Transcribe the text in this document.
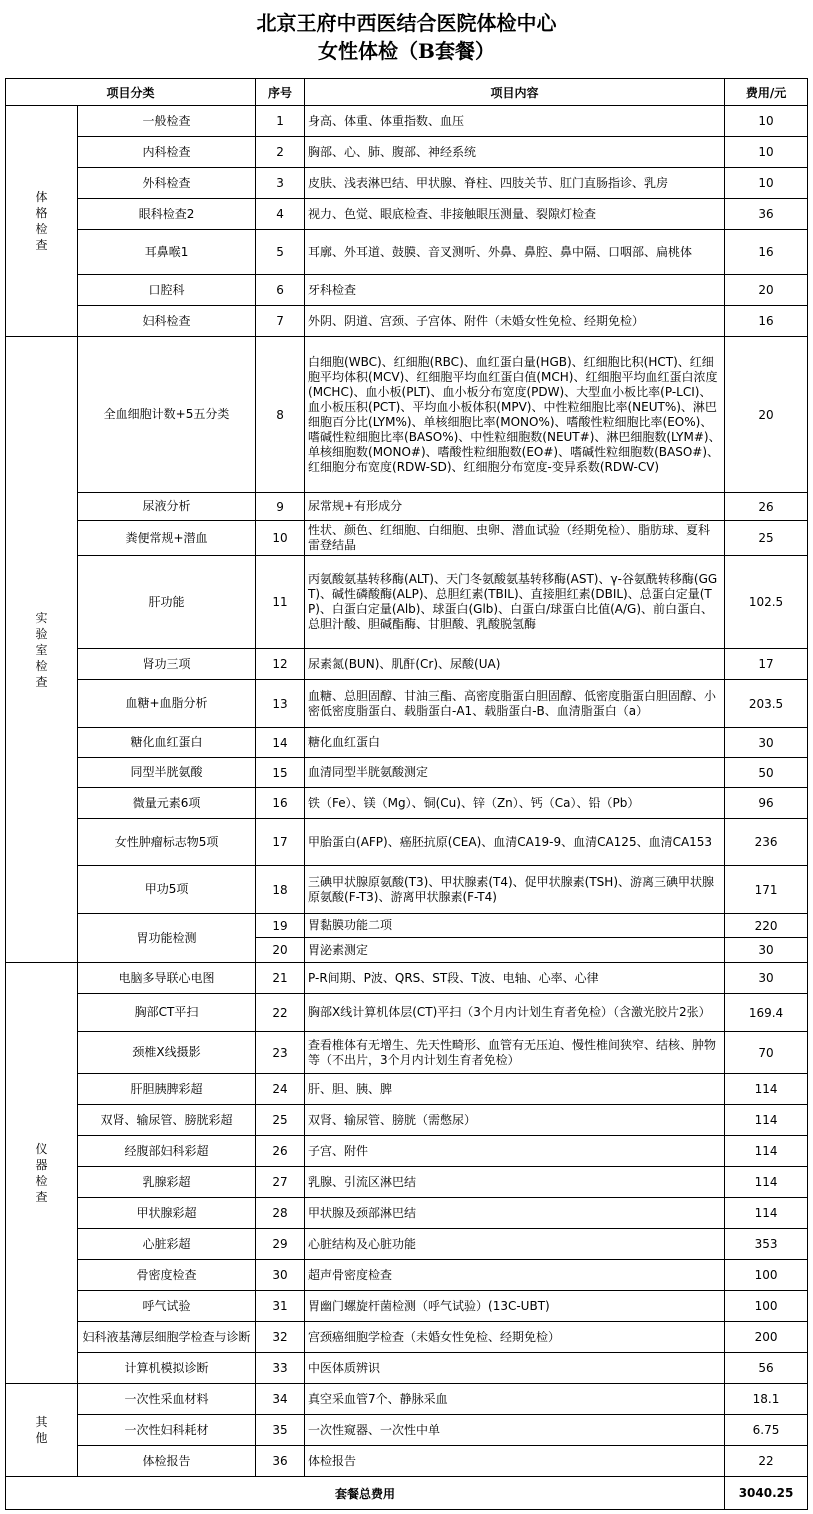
北京王府中西医结合医院体检中心
女性体检（B套餐）
项目分类		序号	项目内容	费用/元

体格检查	一般检查	1	身高、体重、体重指数、血压	10
	内科检查	2	胸部、心、肺、腹部、神经系统	10
	外科检查	3	皮肤、浅表淋巴结、甲状腺、脊柱、四肢关节、肛门直肠指诊、乳房	10
	眼科检查2	4	视力、色觉、眼底检查、非接触眼压测量、裂隙灯检查	36
	耳鼻喉1	5	耳廓、外耳道、鼓膜、音叉测听、外鼻、鼻腔、鼻中隔、口咽部、扁桃体	16
	口腔科	6	牙科检查	20
	妇科检查	7	外阴、阴道、宫颈、子宫体、附件（未婚女性免检、经期免检）	16

实验室检查	全血细胞计数+5五分类	8	白细胞(WBC)、红细胞(RBC)、血红蛋白量(HGB)、红细胞比积(HCT)、红细胞平均体积(MCV)、红细胞平均血红蛋白值(MCH)、红细胞平均血红蛋白浓度(MCHC)、血小板(PLT)、血小板分布宽度(PDW)、大型血小板比率(P-LCI)、血小板压积(PCT)、平均血小板体积(MPV)、中性粒细胞比率(NEUT%)、淋巴细胞百分比(LYM%)、单核细胞比率(MONO%)、嗜酸性粒细胞比率(EO%)、嗜碱性粒细胞比率(BASO%)、中性粒细胞数(NEUT#)、淋巴细胞数(LYM#)、单核细胞数(MONO#)、嗜酸性粒细胞数(EO#)、嗜碱性粒细胞数(BASO#)、红细胞分布宽度(RDW-SD)、红细胞分布宽度-变异系数(RDW-CV)	20
	尿液分析	9	尿常规+有形成分	26
	粪便常规+潜血	10	性状、颜色、红细胞、白细胞、虫卵、潜血试验（经期免检）、脂肪球、夏科雷登结晶	25
	肝功能	11	丙氨酸氨基转移酶(ALT)、天门冬氨酸氨基转移酶(AST)、γ-谷氨酰转移酶(GGT)、碱性磷酸酶(ALP)、总胆红素(TBIL)、直接胆红素(DBIL)、总蛋白定量(TP)、白蛋白定量(Alb)、球蛋白(Glb)、白蛋白/球蛋白比值(A/G)、前白蛋白、总胆汁酸、胆碱酯酶、甘胆酸、乳酸脱氢酶	102.5
	肾功三项	12	尿素氮(BUN)、肌酐(Cr)、尿酸(UA)	17
	血糖+血脂分析	13	血糖、总胆固醇、甘油三酯、高密度脂蛋白胆固醇、低密度脂蛋白胆固醇、小密低密度脂蛋白、载脂蛋白-A1、载脂蛋白-B、血清脂蛋白（a）	203.5
	糖化血红蛋白	14	糖化血红蛋白	30
	同型半胱氨酸	15	血清同型半胱氨酸测定	50
	微量元素6项	16	铁（Fe）、镁（Mg）、铜(Cu)、锌（Zn）、钙（Ca）、铅（Pb）	96
	女性肿瘤标志物5项	17	甲胎蛋白(AFP)、癌胚抗原(CEA)、血清CA19-9、血清CA125、血清CA153	236
	甲功5项	18	三碘甲状腺原氨酸(T3)、甲状腺素(T4)、促甲状腺素(TSH)、游离三碘甲状腺原氨酸(F-T3)、游离甲状腺素(F-T4)	171
	胃功能检测	19	胃黏膜功能二项	220
		20	胃泌素测定	30

仪器检查	电脑多导联心电图	21	P-R间期、P波、QRS、ST段、T波、电轴、心率、心律	30
	胸部CT平扫	22	胸部X线计算机体层(CT)平扫（3个月内计划生育者免检）（含激光胶片2张）	169.4
	颈椎X线摄影	23	查看椎体有无增生、先天性畸形、血管有无压迫、慢性椎间狭窄、结核、肿物等（不出片，3个月内计划生育者免检）	70
	肝胆胰脾彩超	24	肝、胆、胰、脾	114
	双肾、输尿管、膀胱彩超	25	双肾、输尿管、膀胱（需憋尿）	114
	经腹部妇科彩超	26	子宫、附件	114
	乳腺彩超	27	乳腺、引流区淋巴结	114
	甲状腺彩超	28	甲状腺及颈部淋巴结	114
	心脏彩超	29	心脏结构及心脏功能	353
	骨密度检查	30	超声骨密度检查	100
	呼气试验	31	胃幽门螺旋杆菌检测（呼气试验）(13C-UBT)	100
	妇科液基薄层细胞学检查与诊断	32	宫颈癌细胞学检查（未婚女性免检、经期免检）	200
	计算机模拟诊断	33	中医体质辨识	56

其他	一次性采血材料	34	真空采血管7个、静脉采血	18.1
	一次性妇科耗材	35	一次性窥器、一次性中单	6.75
	体检报告	36	体检报告	22
套餐总费用				3040.25
